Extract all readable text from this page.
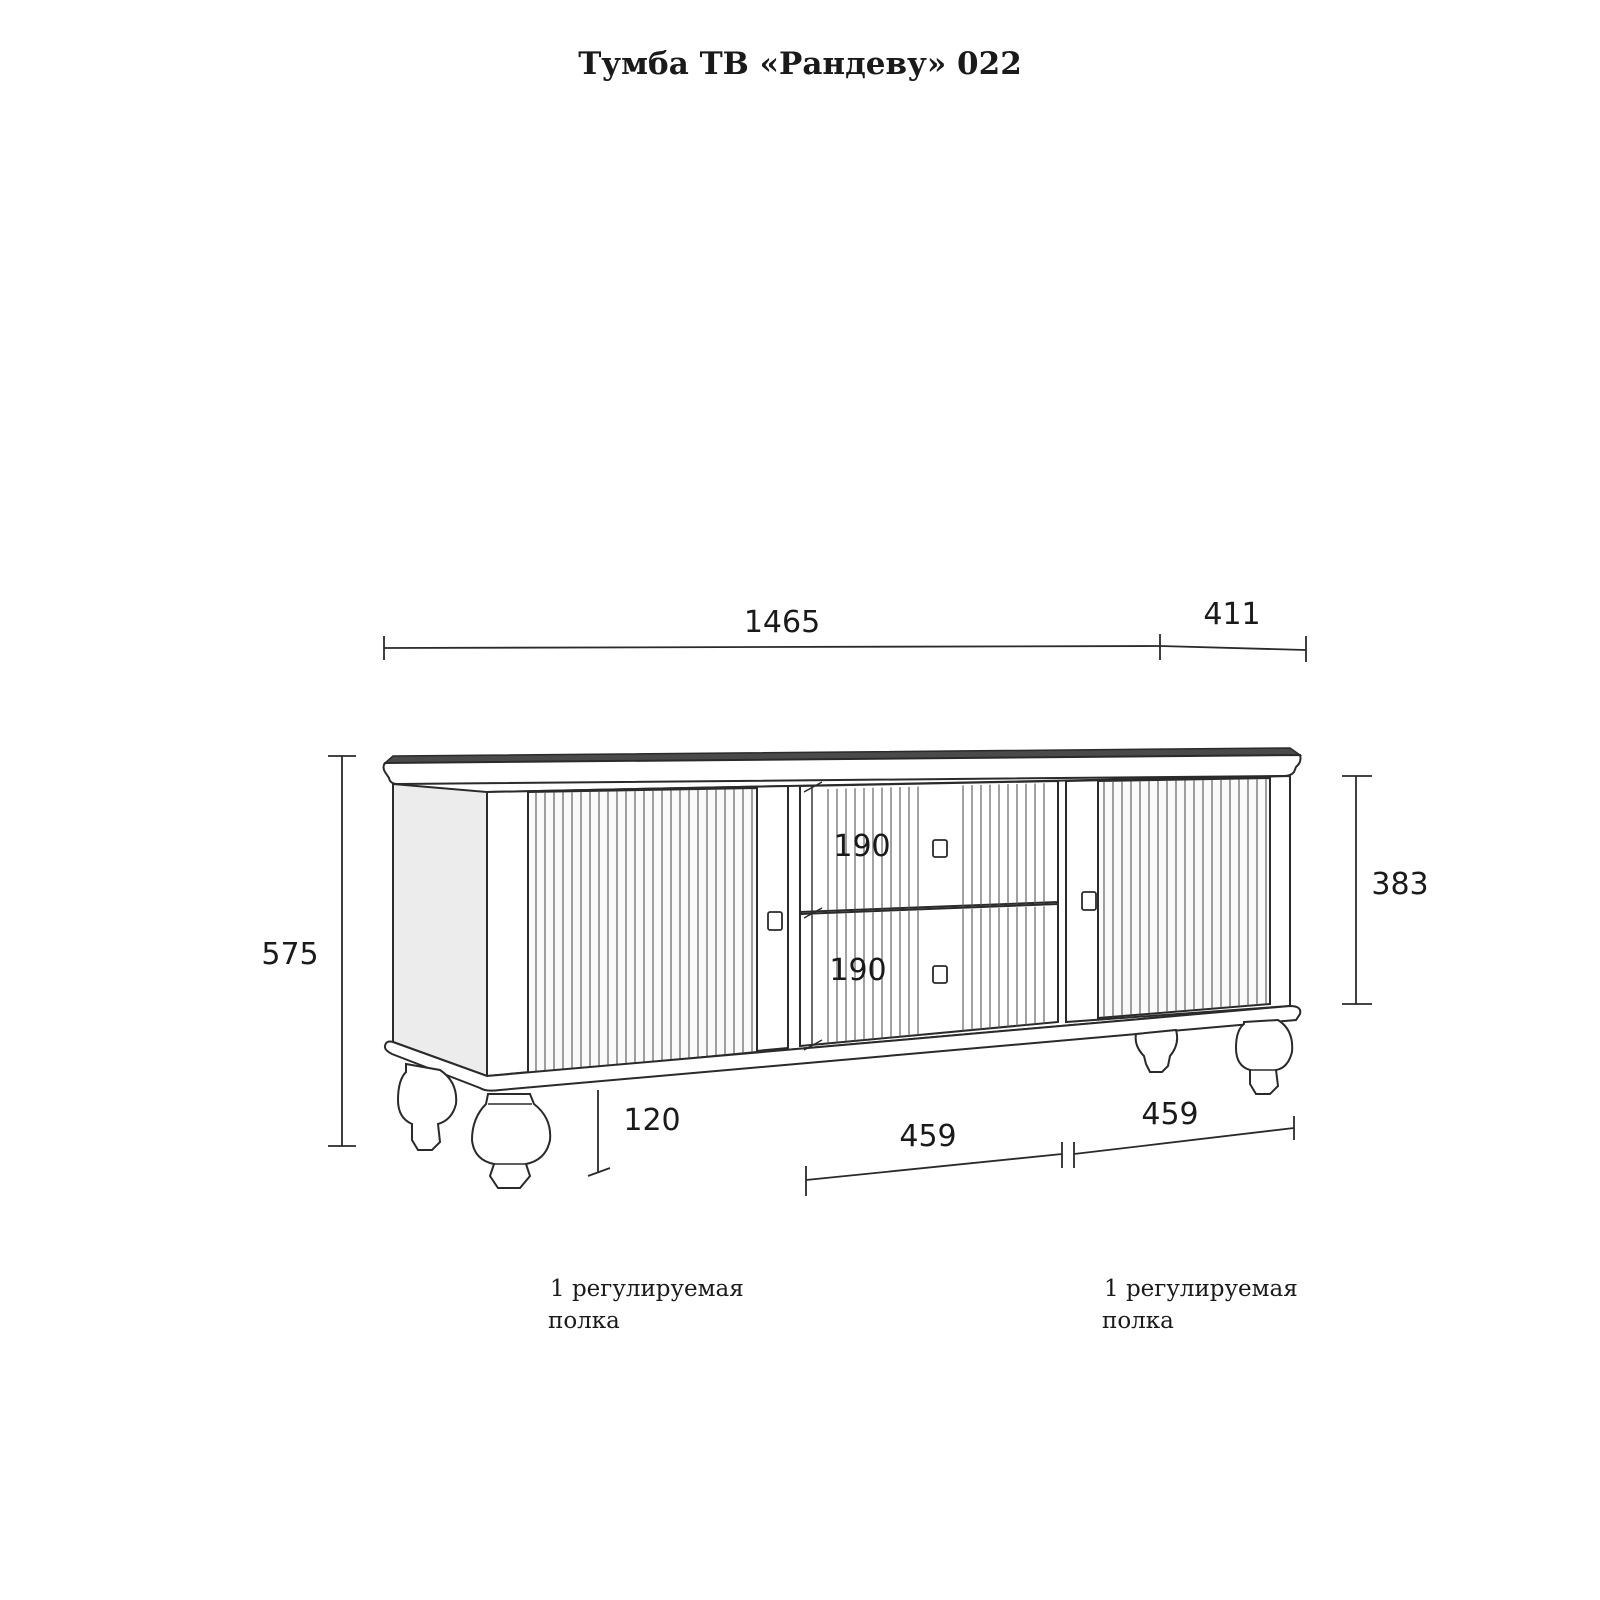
Тумба ТВ «Рандеву» 022
1465	411
575
383
190
190
120	459
459
1 регулируемая
полка
1 регулируемая
полка
